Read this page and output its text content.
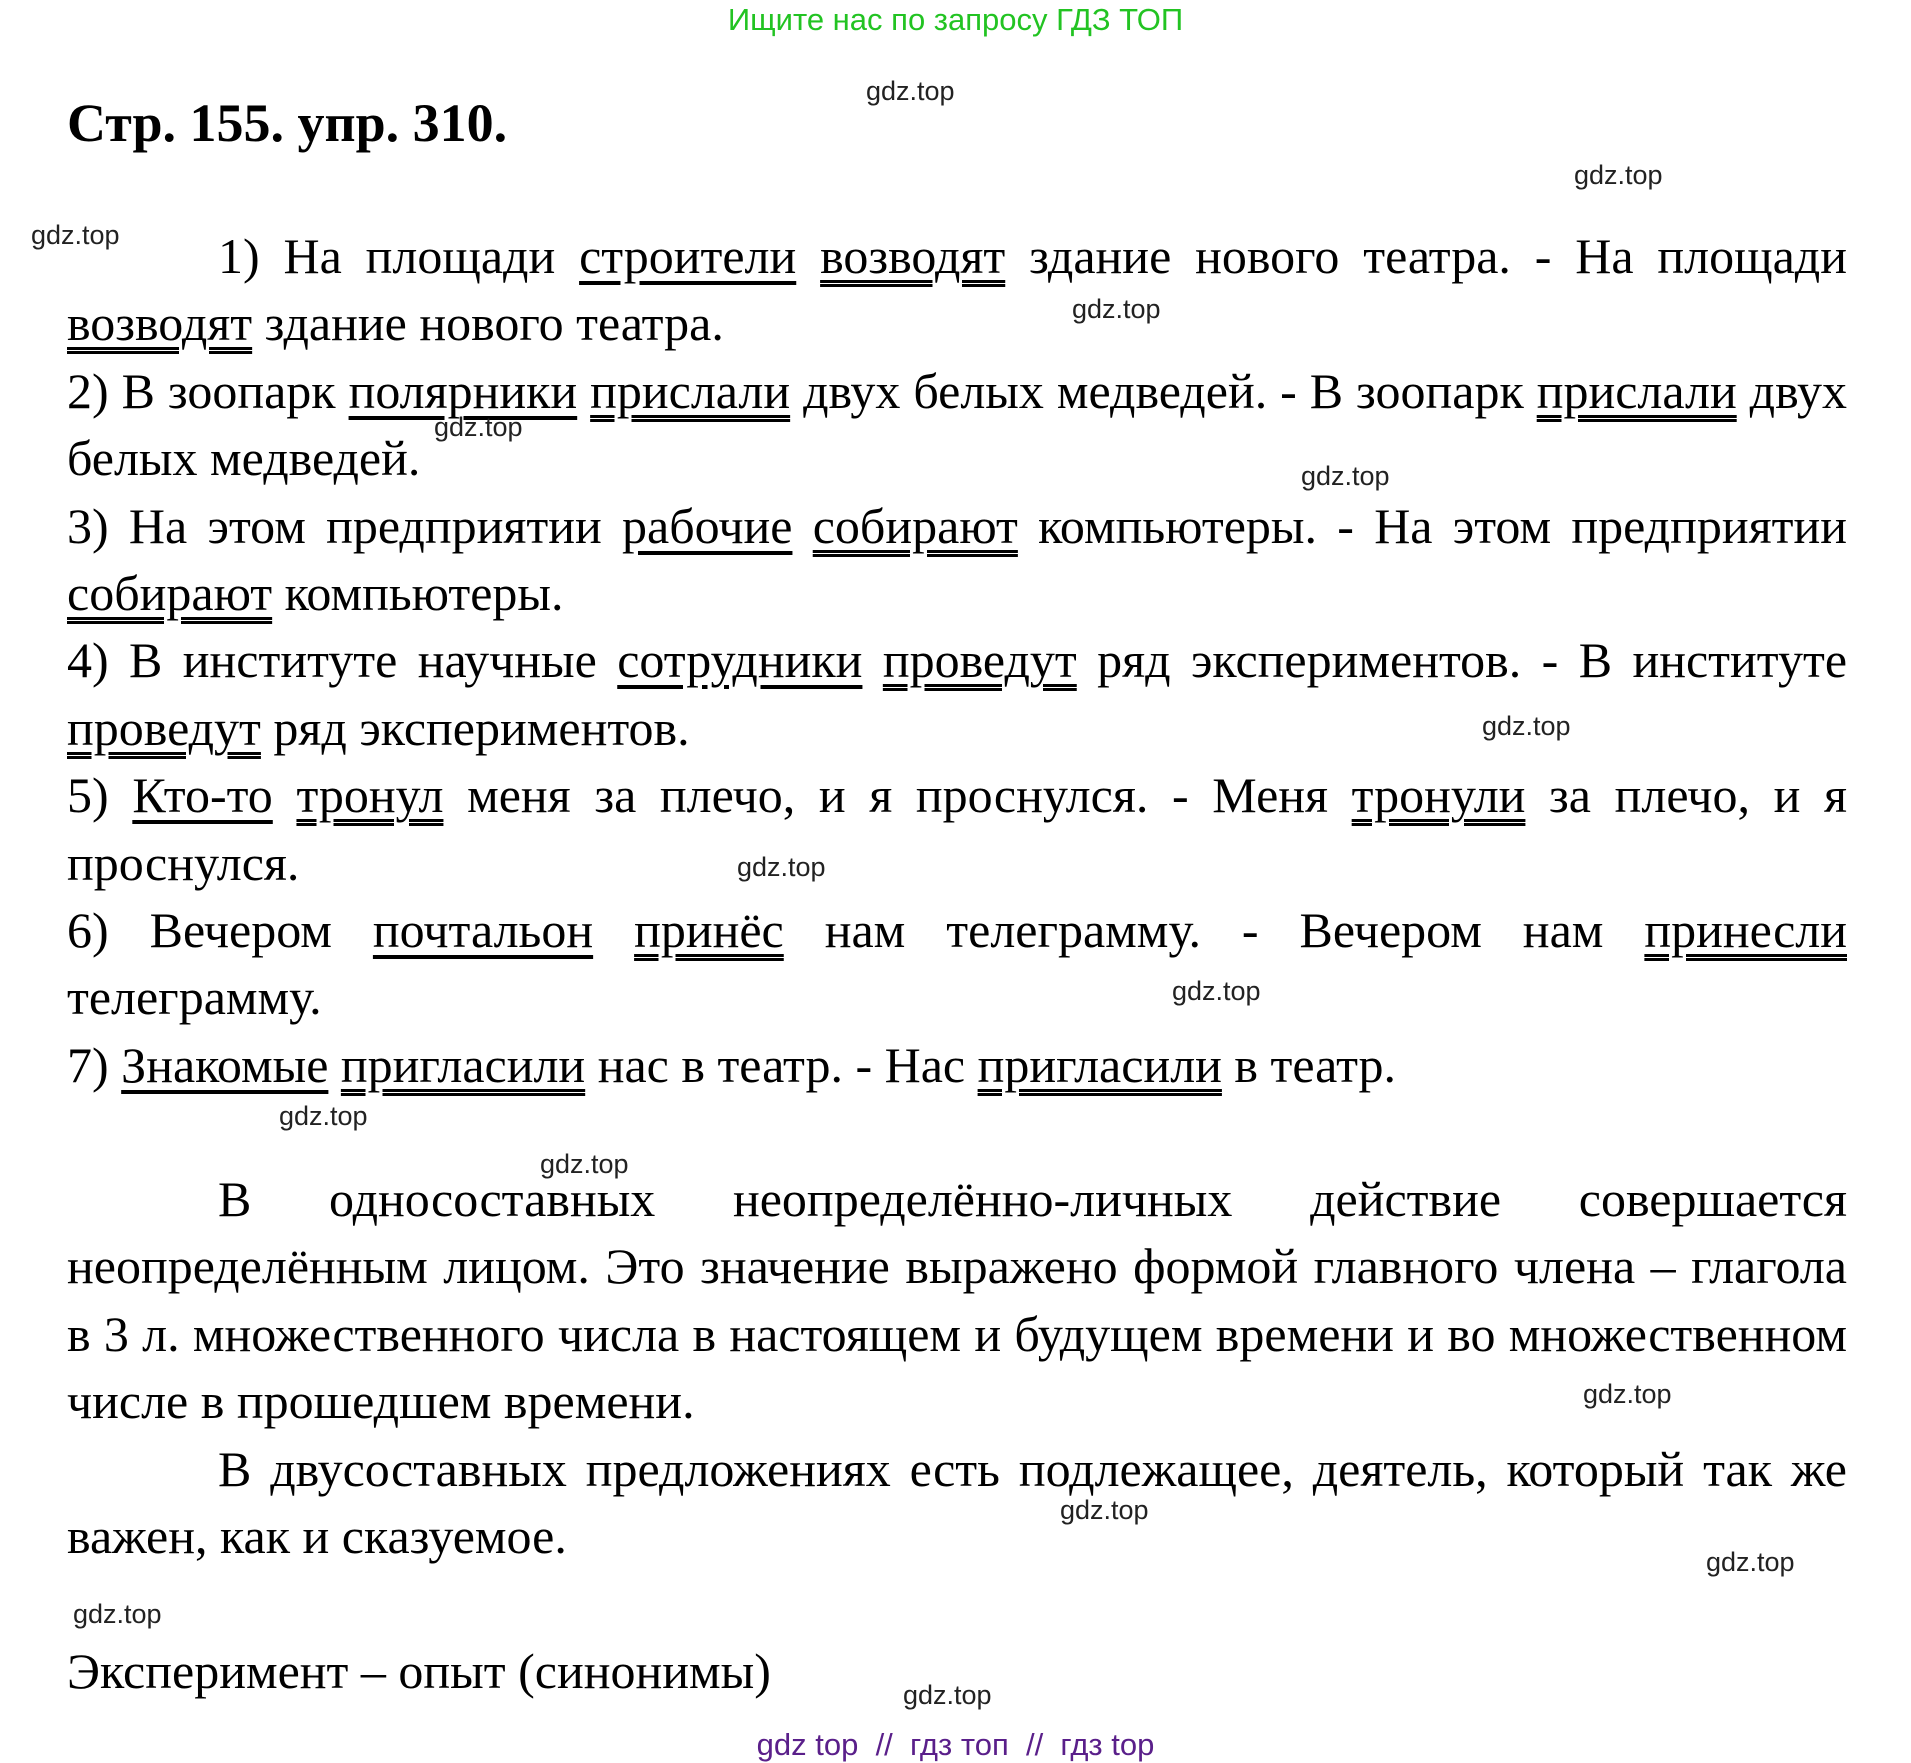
Ищите нас по запросу ГДЗ ТОП
Стр. 155. упр. 310.

1) На площади строители возводят здание нового театра. - На площади возводят здание нового театра.

2) В зоопарк полярники прислали двух белых медведей. - В зоопарк прислали двух белых медведей.

3) На этом предприятии рабочие собирают компьютеры. - На этом предприятии собирают компьютеры.

4) В институте научные сотрудники проведут ряд экспериментов. - В институте проведут ряд экспериментов.

5) Кто-то тронул меня за плечо, и я проснулся. - Меня тронули за плечо, и я проснулся.

6) Вечером почтальон принёс нам телеграмму. - Вечером нам принесли телеграмму.

7) Знакомые пригласили нас в театр. - Нас пригласили в театр.

В односоставных неопределённо-личных действие совершается неопределённым лицом. Это значение выражено формой главного члена – глагола в 3 л. множественного числа в настоящем и будущем времени и во множественном числе в прошедшем времени.

В двусоставных предложениях есть подлежащее, деятель, который так же важен, как и сказуемое.

Эксперимент – опыт (синонимы)

gdz.top
gdz.top
gdz.top
gdz.top
gdz.top
gdz.top
gdz.top
gdz.top
gdz.top
gdz.top
gdz.top
gdz.top
gdz.top
gdz.top
gdz.top
gdz.top
gdz top  //  гдз топ  //  гдз top
